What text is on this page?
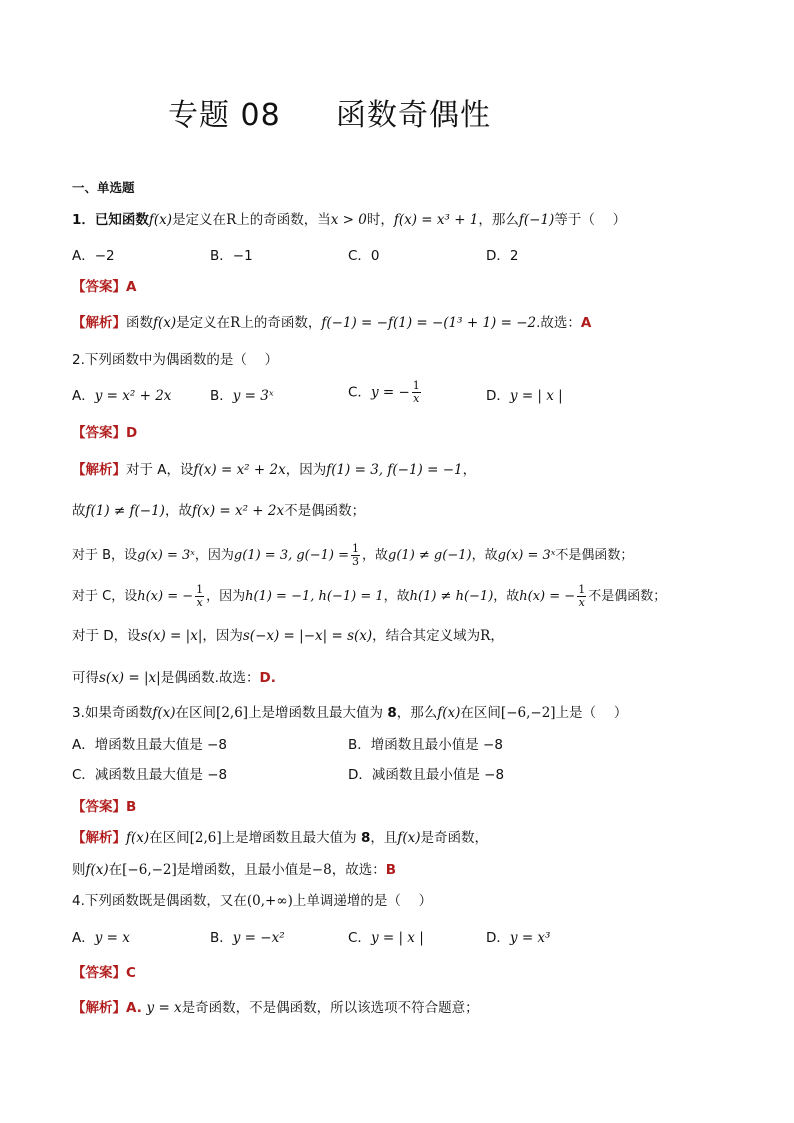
专题 08 函数奇偶性
一、单选题
1．已知函数f(x)是定义在R上的奇函数，当x > 0时，f(x) = x³ + 1，那么f(−1)等于（　 ）
A．−2	B．−1	C．0	D．2
【答案】A
【解析】函数f(x)是定义在R上的奇函数，f(−1) = −f(1) = −(1³ + 1) = −2.故选：A
2.下列函数中为偶函数的是（　 ）
A．y = x² + 2x	B．y = 3ˣ	C．y = − $\frac{1}{x}$	D．y = | x |
【答案】D
【解析】对于 A，设f(x) = x² + 2x，因为f(1) = 3, f(−1) = −1，
故f(1) ≠ f(−1)，故f(x) = x² + 2x不是偶函数；
对于 B，设g(x) = 3ˣ，因为g(1) = 3, $g(-1) = \frac{1}{3}$ ，故g(1) ≠ g(−1)，故g(x) = 3ˣ不是偶函数；
对于 C，设h(x) = − $\frac{1}{x}$ ，因为h(1) = −1, h(−1) = 1，故h(1) ≠ h(−1)，故h(x) = − $\frac{1}{x}$ 不是偶函数；
对于 D，设s(x) = |x|，因为s(−x) = |−x| = s(x)，结合其定义域为R，
可得s(x) = |x|是偶函数.故选：D.
3.如果奇函数f(x)在区间[2,6]上是增函数且最大值为 8，那么f(x)在区间[−6,−2]上是（　 ）
A．增函数且最大值是 −8	B．增函数且最小值是 −8
C．减函数且最大值是 −8	D．减函数且最小值是 −8
【答案】B
【解析】f(x)在区间[2,6]上是增函数且最大值为 8，且f(x)是奇函数，
则f(x)在[−6,−2]是增函数，且最小值是−8，故选：B
4.下列函数既是偶函数，又在(0,+∞)上单调递增的是（　 ）
A．y = x	B．y = −x²	C．y = | x |	D．y = x³
【答案】C
【解析】A. y = x是奇函数，不是偶函数，所以该选项不符合题意；
